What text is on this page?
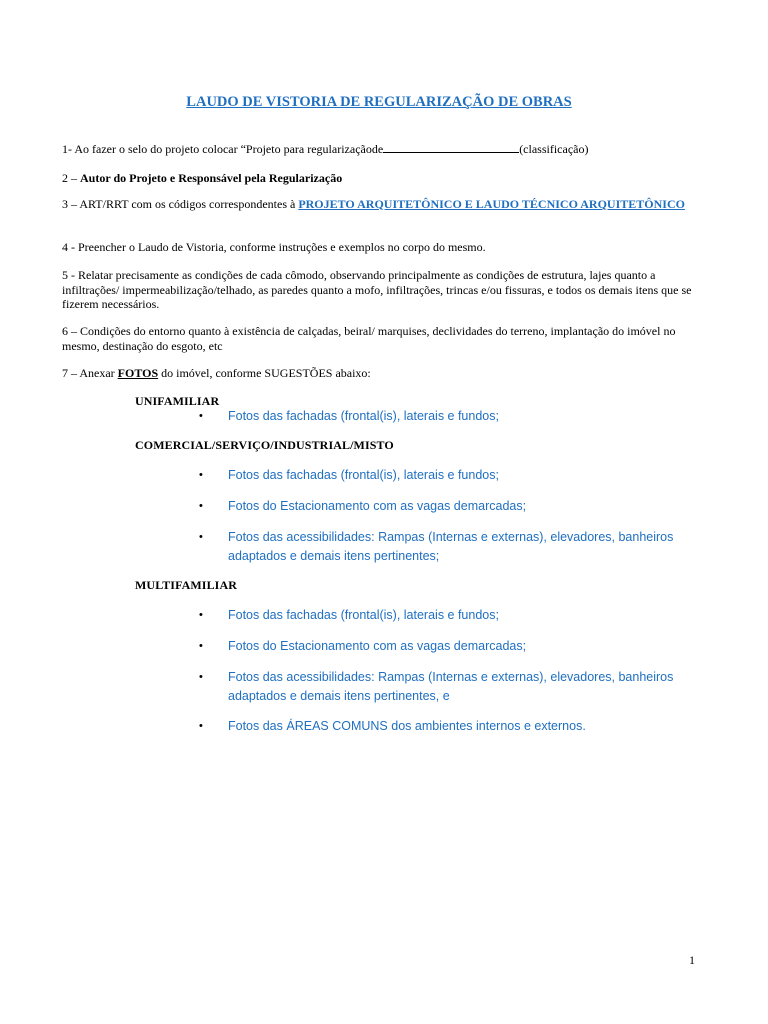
LAUDO DE VISTORIA DE REGULARIZAÇÃO DE OBRAS
1- Ao fazer o selo do projeto colocar “Projeto para regularizaçãode	(classificação)
2 – Autor do Projeto e Responsável pela Regularização
3 – ART/RRT com os códigos correspondentes à PROJETO ARQUITETÔNICO E LAUDO TÉCNICO ARQUITETÔNICO
4 - Preencher o Laudo de Vistoria, conforme instruções e exemplos no corpo do mesmo.
5 - Relatar precisamente as condições de cada cômodo, observando principalmente as condições de estrutura, lajes quanto a infiltrações/ impermeabilização/telhado, as paredes quanto a mofo, infiltrações, trincas e/ou fissuras, e todos os demais itens que se fizerem necessários.
6 – Condições do entorno quanto à existência de calçadas, beiral/ marquises, declividades do terreno, implantação do imóvel no mesmo, destinação do esgoto, etc
7 – Anexar FOTOS do imóvel, conforme SUGESTÕES abaixo:
UNIFAMILIAR
•	Fotos das fachadas (frontal(is), laterais e fundos;
COMERCIAL/SERVIÇO/INDUSTRIAL/MISTO
•	Fotos das fachadas (frontal(is), laterais e fundos;
•	Fotos do Estacionamento com as vagas demarcadas;
•	Fotos das acessibilidades: Rampas (Internas e externas), elevadores, banheiros adaptados e demais itens pertinentes;
MULTIFAMILIAR
•	Fotos das fachadas (frontal(is), laterais e fundos;
•	Fotos do Estacionamento com as vagas demarcadas;
•	Fotos das acessibilidades: Rampas (Internas e externas), elevadores, banheiros adaptados e demais itens pertinentes, e
•	Fotos das ÁREAS COMUNS dos ambientes internos e externos.
1
